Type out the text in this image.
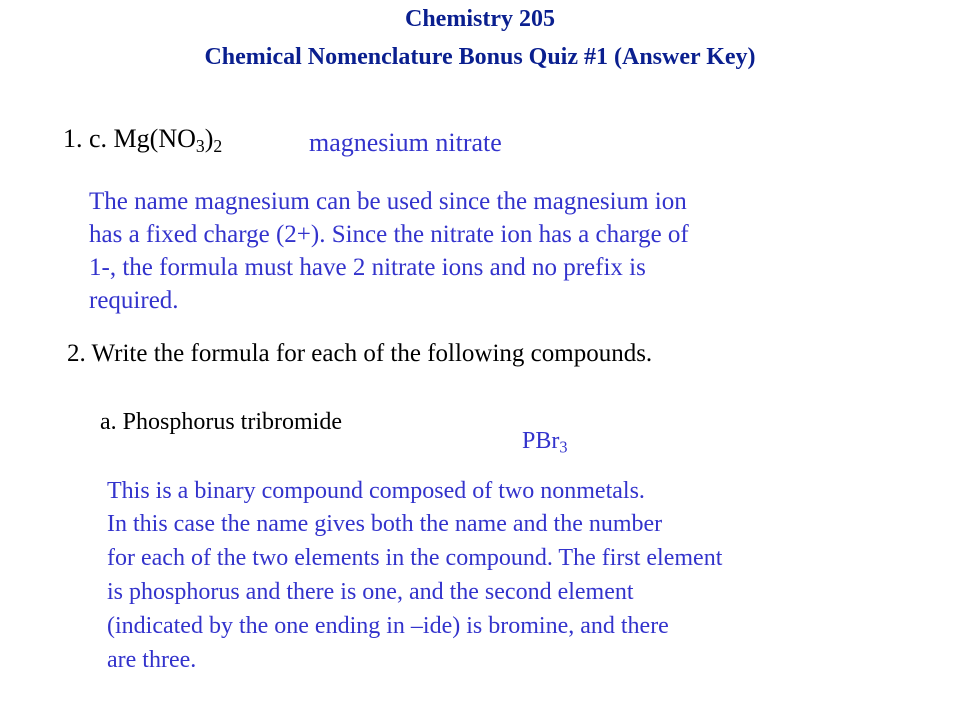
Chemistry 205
Chemical Nomenclature Bonus Quiz #1 (Answer Key)
1. c. $Mg(NO_3)_2$	magnesium nitrate
The name magnesium can be used since the magnesium ion
has a fixed charge (2+). Since the nitrate ion has a charge of
1-, the formula must have 2 nitrate ions and no prefix is
required.
2. Write the formula for each of the following compounds.
a. Phosphorus tribromide
PBr$_3$
This is a binary compound composed of two nonmetals.
In this case the name gives both the name and the number
for each of the two elements in the compound. The first element
is phosphorus and there is one, and the second element
(indicated by the one ending in –ide) is bromine, and there
are three.
